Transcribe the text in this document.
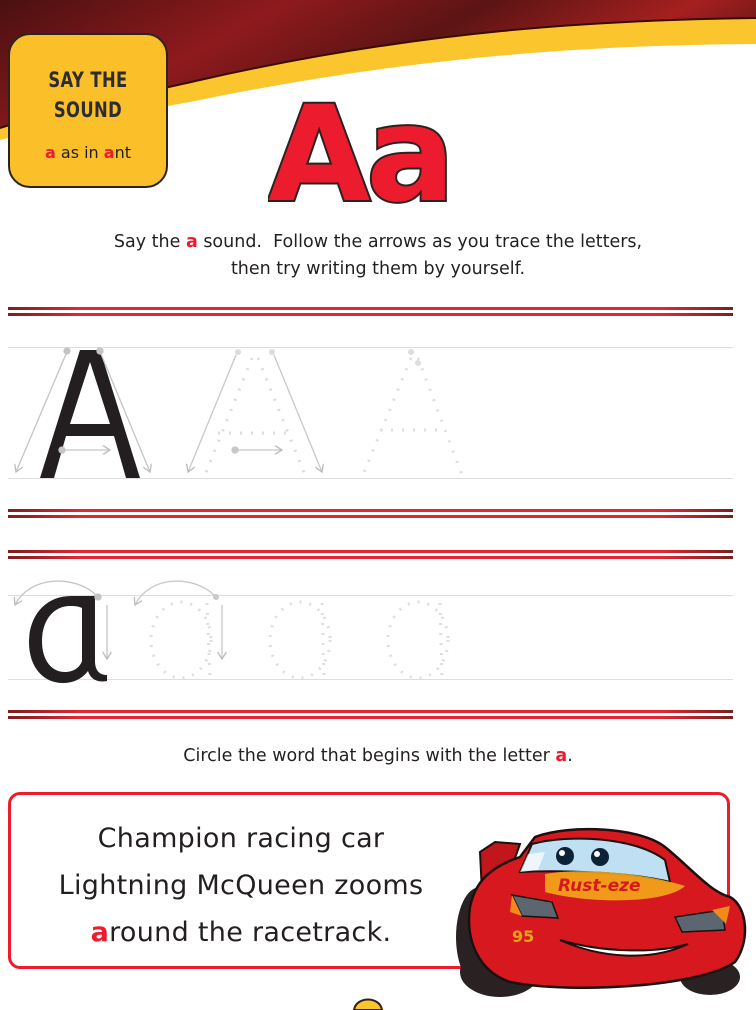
SAY THE
SOUND
a as in ant Aa
Say the a sound.  Follow the arrows as you trace the letters,
then try writing them by yourself.
Circle the word that begins with the letter a.
Champion racing car
Lightning McQueen zooms
around the racetrack.
Rust-eze
95
